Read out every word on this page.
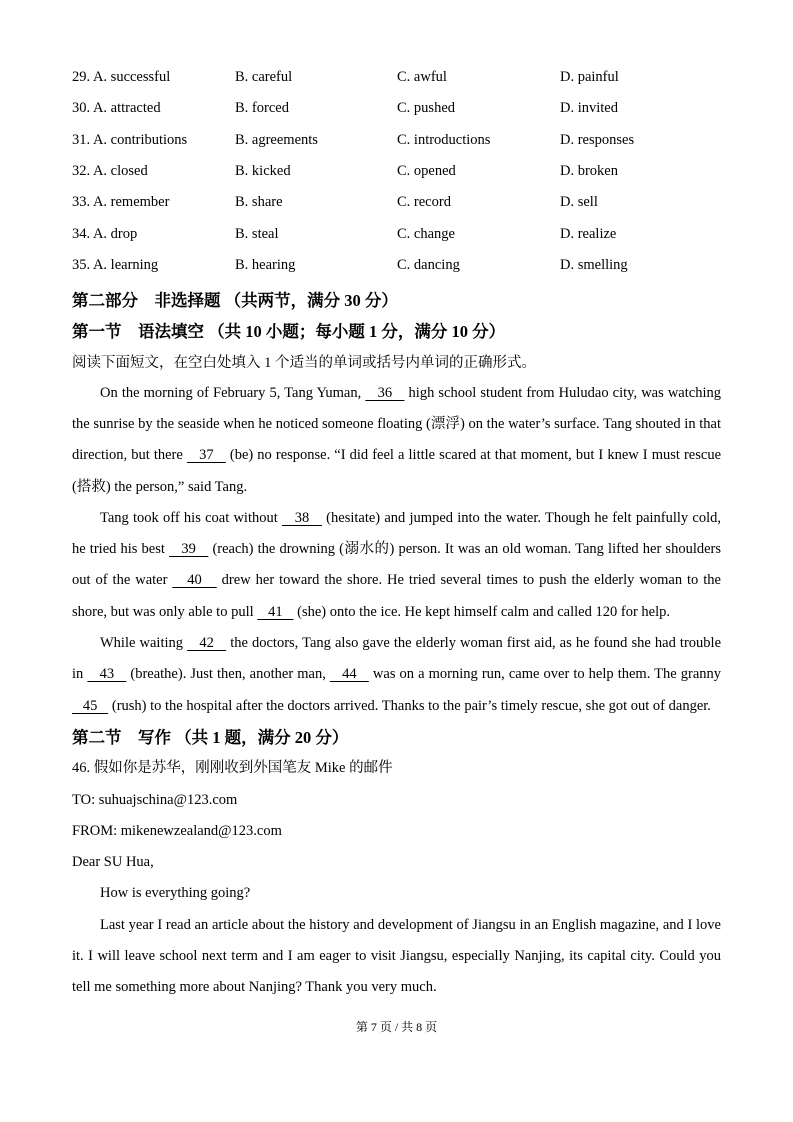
29. A. successful	B. careful	C. awful	D. painful
30. A. attracted	B. forced	C. pushed	D. invited
31. A. contributions	B. agreements	C. introductions	D. responses
32. A. closed	B. kicked	C. opened	D. broken
33. A. remember	B. share	C. record	D. sell
34. A. drop	B. steal	C. change	D. realize
35. A. learning	B. hearing	C. dancing	D. smelling
第二部分　非选择题 （共两节，满分 30 分）
第一节　语法填空 （共 10 小题；每小题 1 分，满分 10 分）
阅读下面短文，在空白处填入 1 个适当的单词或括号内单词的正确形式。

On the morning of February 5, Tang Yuman,    36    high school student from Huludao city, was watching the sunrise by the seaside when he noticed someone floating (漂浮) on the water’s surface. Tang shouted in that direction, but there    37    (be) no response. “I did feel a little scared at that moment, but I knew I must rescue (搭救) the person,” said Tang.

Tang took off his coat without    38    (hesitate) and jumped into the water. Though he felt painfully cold, he tried his best    39    (reach) the drowning (溺水的) person. It was an old woman. Tang lifted her shoulders out of the water    40    drew her toward the shore. He tried several times to push the elderly woman to the shore, but was only able to pull    41    (she) onto the ice. He kept himself calm and called 120 for help.

While waiting    42    the doctors, Tang also gave the elderly woman first aid, as he found she had trouble in    43    (breathe). Just then, another man,    44    was on a morning run, came over to help them. The granny    45    (rush) to the hospital after the doctors arrived. Thanks to the pair’s timely rescue, she got out of danger.

第二节　写作 （共 1 题，满分 20 分）
46. 假如你是苏华，刚刚收到外国笔友 Mike 的邮件
TO: suhuajschina@123.com
FROM: mikenewzealand@123.com
Dear SU Hua,

How is everything going?

Last year I read an article about the history and development of Jiangsu in an English magazine, and I love it. I will leave school next term and I am eager to visit Jiangsu, especially Nanjing, its capital city. Could you tell me something more about Nanjing? Thank you very much.

第 7 页 / 共 8 页
